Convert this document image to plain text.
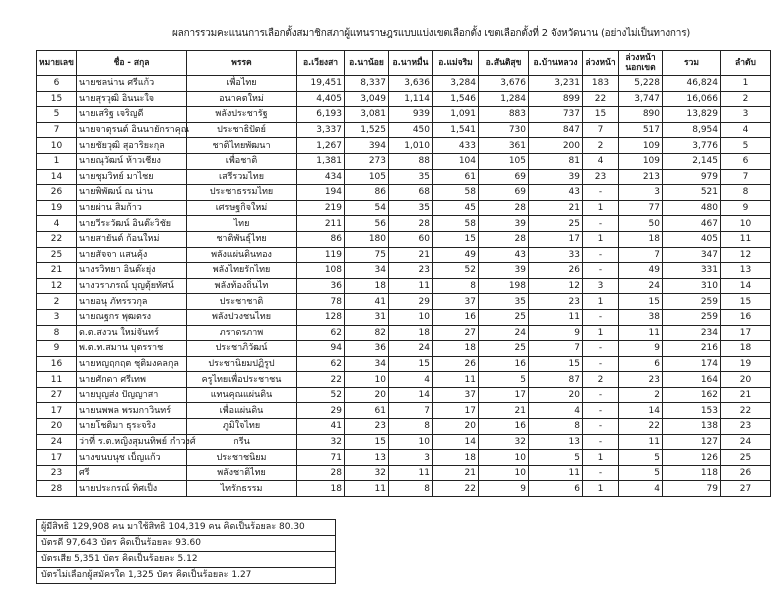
ผลการรวมคะแนนการเลือกตั้งสมาชิกสภาผู้แทนราษฎรแบบแบ่งเขตเลือกตั้ง เขตเลือกตั้งที่ 2 จังหวัดนาน (อย่างไม่เป็นทางการ)
หมายเลข	ชื่อ - สกุล	พรรค	อ.เวียงสา	อ.นาน้อย	อ.นาหมื่น	อ.แม่จริม	อ.สันติสุข	อ.บ้านหลวง	ล่วงหน้า	ล่วงหน้า นอกเขต	รวม	ลำดับ
6	นายชลน่าน ศรีแก้ว	เพื่อไทย	19,451	8,337	3,636	3,284	3,676	3,231	183	5,228	46,824	1
15	นายสุรวุฒิ อินนะใจ	อนาคตใหม่	4,405	3,049	1,114	1,546	1,284	899	22	3,747	16,066	2
5	นายเสริฐ เจริญดี	พลังประชารัฐ	6,193	3,081	939	1,091	883	737	15	890	13,829	3
7	นายจาตุรนต์ อินนายักรา​คุณ	ประชาธิปัตย์	3,337	1,525	450	1,541	730	847	7	517	8,954	4
10	นายชัยวุฒิ สุอาริยะกุล	ชาติไทยพัฒนา	1,267	394	1,010	433	361	200	2	109	3,776	5
1	นายณุวัฒน์ ห้าวเชียง	เพื่อชาติ	1,381	273	88	104	105	81	4	109	2,145	6
14	นายชุมวิทย์ มาไชย	เสรีรวมไทย	434	105	35	61	69	39	23	213	979	7
26	นายพิพัฒน์ ณ น่าน	ประชาธรรมไทย	194	86	68	58	69	43	-	3	521	8
19	นายผ่าน สิมก้าว	เศรษฐกิจใหม่	219	54	35	45	28	21	1	77	480	9
4	นายวีระวัฒน์ อินต๊ะวิชัย	ไทย	211	56	28	58	39	25	-	50	467	10
22	นายสายันต์ ก้อนใหม่	ชาติพันธุ์ไทย	86	180	60	15	28	17	1	18	405	11
25	นายสัจจา แสนคุ้ง	พลังแผ่นดินทอง	119	75	21	49	43	33	-	7	347	12
21	นางรวิทยา อินต๊ะยุ่ง	พลังไทยรักไทย	108	34	23	52	39	26	-	49	331	13
12	นางวราภรณ์ บุญตุ้ยทัศน์	พลังท้องถิ่นไท	36	18	11	8	198	12	3	24	310	14
2	นายอนุ ภัทรรวกุล	ประชาชาติ	78	41	29	37	35	23	1	15	259	15
3	นายณฐกร พุฒตรง	พลังปวงชนไทย	128	31	10	16	25	11	-	38	259	16
8	ด.ต.สงวน ใหม่จันทร์	ภราดรภาพ	62	82	18	27	24	9	1	11	234	17
9	พ.ต.ท.สมาน บุตรราช	ประชาภิวัฒน์	94	36	24	18	25	7	-	9	216	18
16	นายหญฤกฤต ชุติมงคลกุล	ประชานิยมปฏิรูป	62	34	15	26	16	15	-	6	174	19
11	นายศักดา ศรีเทพ	ครูไทยเพื่อประชาชน	22	10	4	11	5	87	2	23	164	20
27	นายบุญส่ง ปัญญาสา	แทนคุณแผ่นดิน	52	20	14	37	17	20	-	2	162	21
17	นายนพพล พรมกาวินทร์	เพื่อแผ่นดิน	29	61	7	17	21	4	-	14	153	22
20	นายโชติมา ธุระจริง	ภูมิใจไทย	41	23	8	20	16	8	-	22	138	23
24	ว่าที่ ร.ต.หญิงสุมนทิพย์ กำวงศ์	กรีน	32	15	10	14	32	13	-	11	127	24
17	นางขนบนุช เบ็ญแก้ว	ประชาชนิยม	71	13	3	18	10	5	1	5	126	25
23	ศรี	พลังชาติไทย	28	32	11	21	10	11	-	5	118	26
28	นายประกรณ์ ทิศเป็ง	ไทรักธรรม	18	11	8	22	9	6	1	4	79	27
ผู้มีสิทธิ 129,908 คน มาใช้สิทธิ 104,319 คน คิดเป็นร้อยละ 80.30
บัตรดี 97,643 บัตร คิดเป็นร้อยละ 93.60
บัตรเสีย 5,351 บัตร คิดเป็นร้อยละ 5.12
บัตรไม่เลือกผู้สมัครใด 1,325 บัตร คิดเป็นร้อยละ 1.27
